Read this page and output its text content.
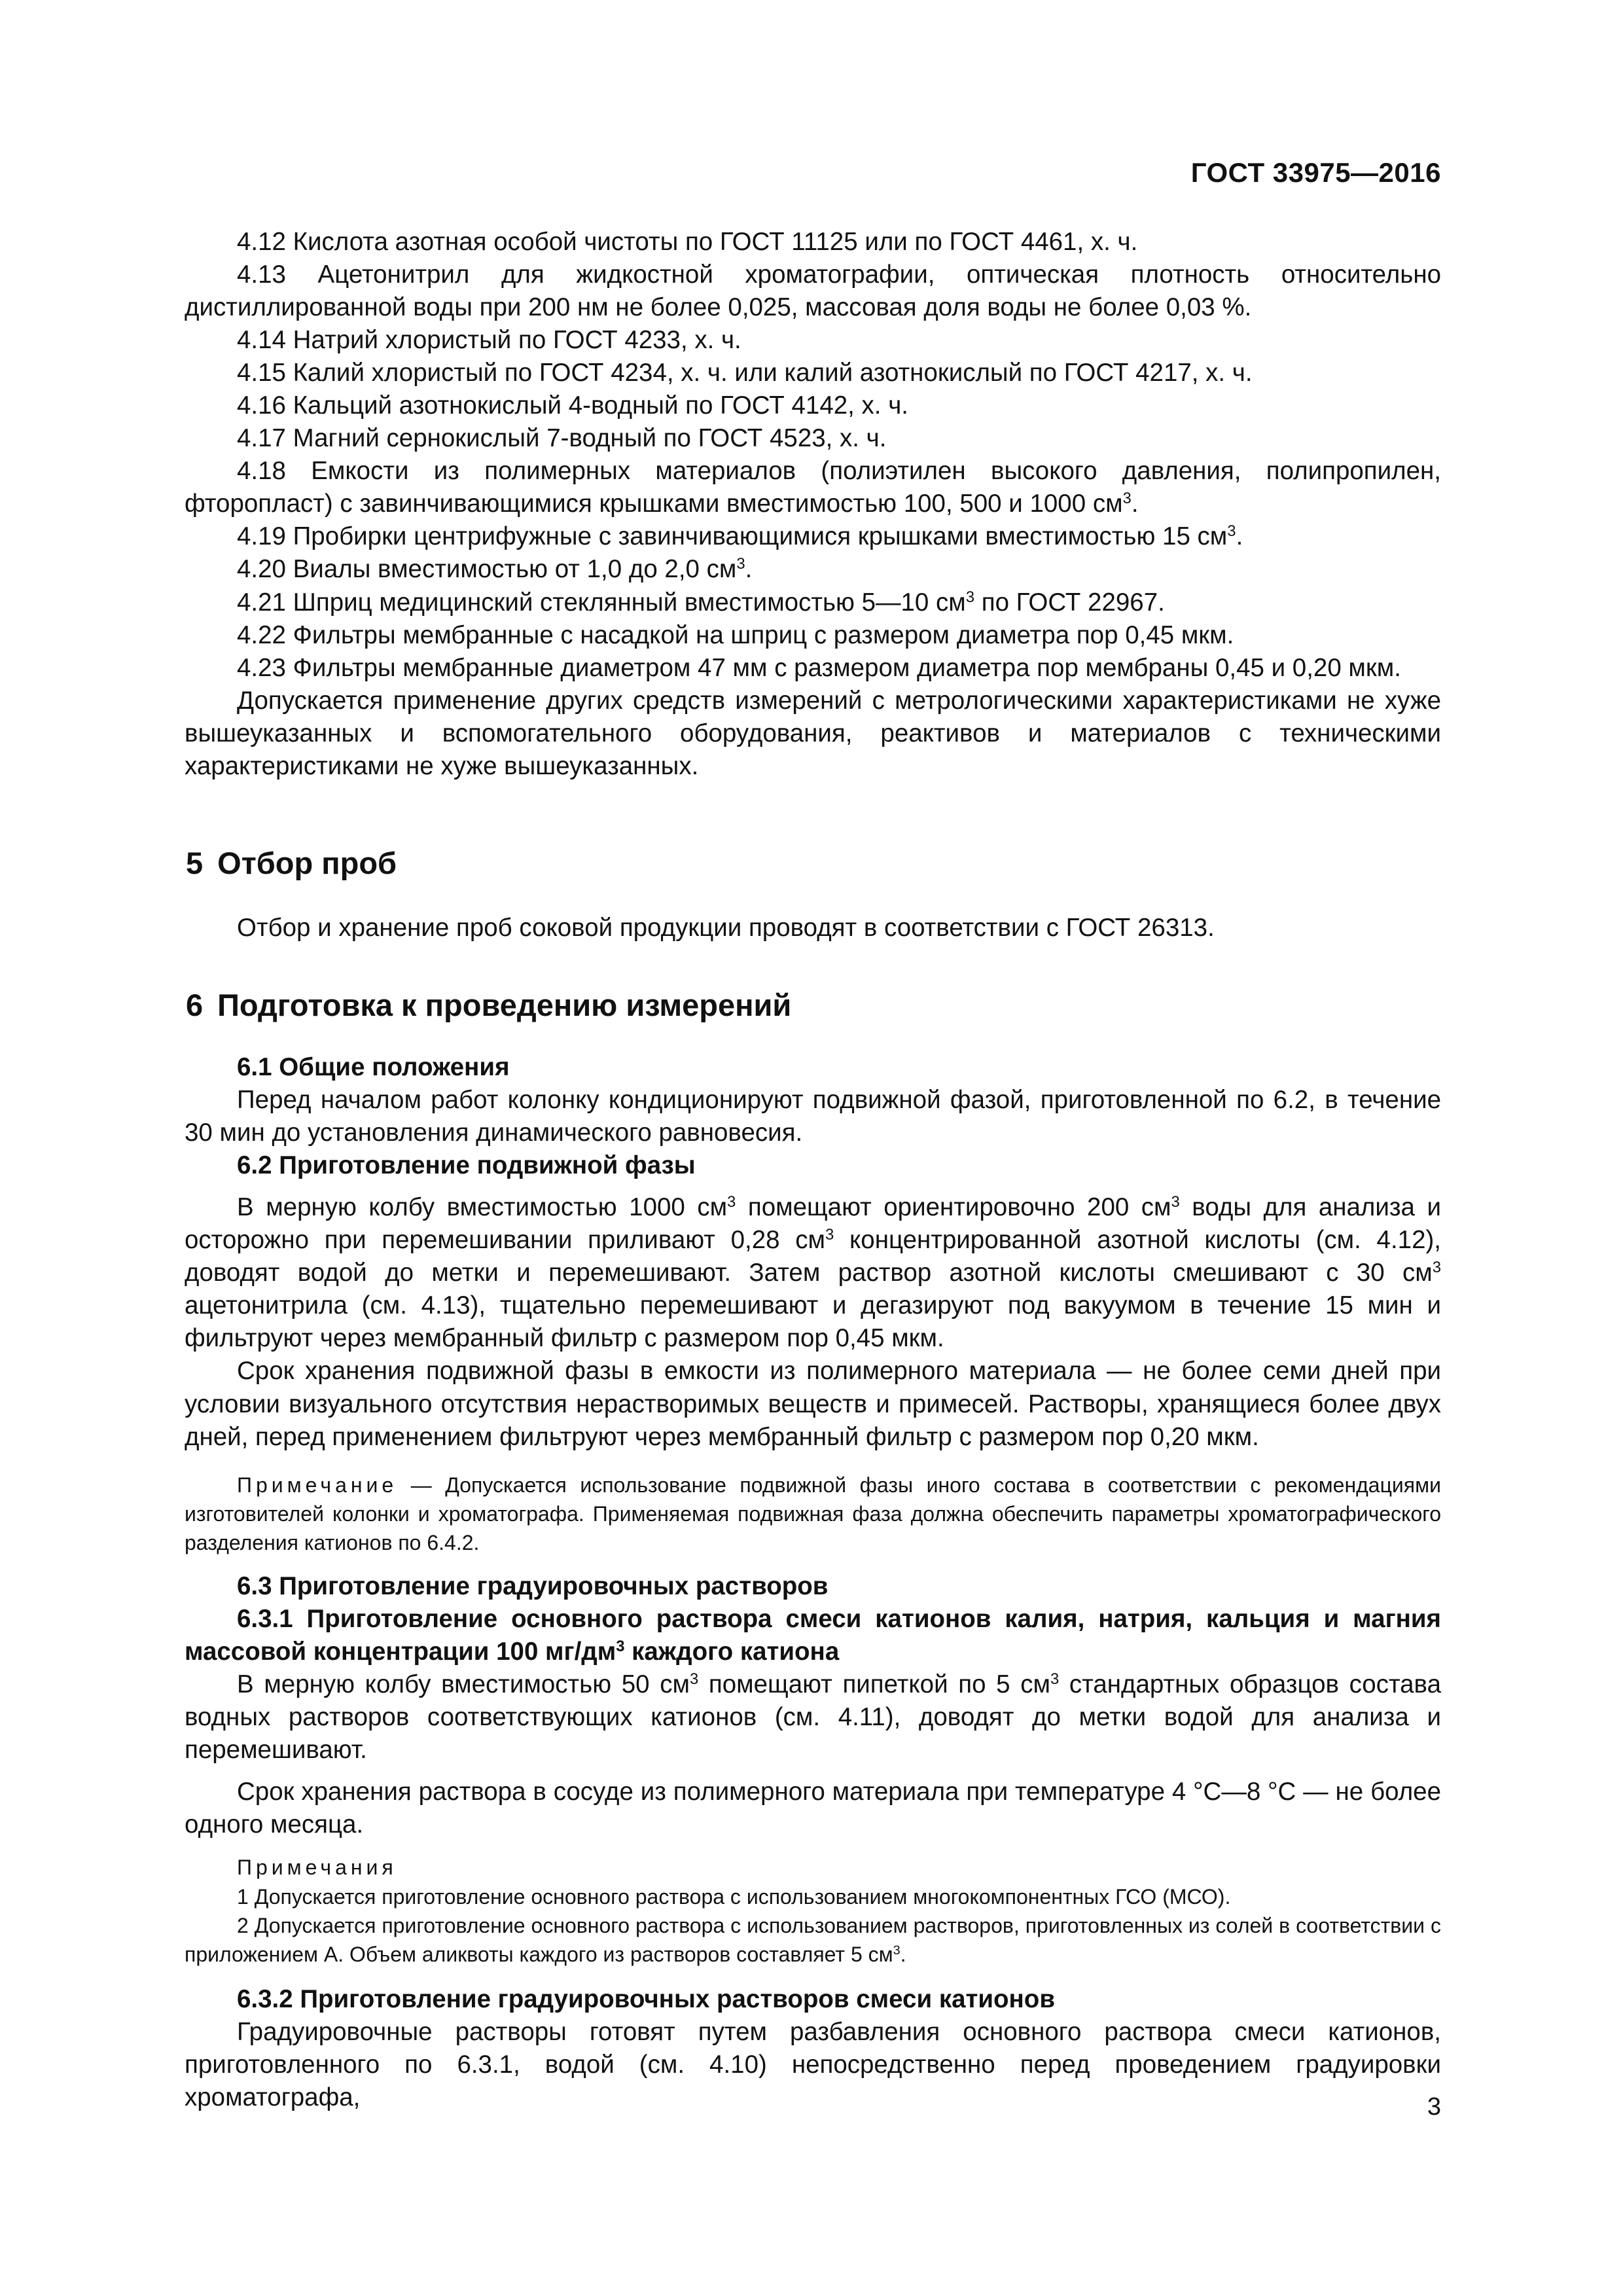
ГОСТ 33975—2016

4.12 Кислота азотная особой чистоты по ГОСТ 11125 или по ГОСТ 4461, х. ч.

4.13 Ацетонитрил для жидкостной хроматографии, оптическая плотность относительно дистиллированной воды при 200 нм не более 0,025, массовая доля воды не более 0,03 %.

4.14 Натрий хлористый по ГОСТ 4233, х. ч.

4.15 Калий хлористый по ГОСТ 4234, х. ч. или калий азотнокислый по ГОСТ 4217, х. ч.

4.16 Кальций азотнокислый 4-водный по ГОСТ 4142, х. ч.

4.17 Магний сернокислый 7-водный по ГОСТ 4523, х. ч.

4.18 Емкости из полимерных материалов (полиэтилен высокого давления, полипропилен, фторопласт) с завинчивающимися крышками вместимостью 100, 500 и 1000 $см^3$.

4.19 Пробирки центрифужные с завинчивающимися крышками вместимостью 15 $см^3$.

4.20 Виалы вместимостью от 1,0 до 2,0 $см^3$.

4.21 Шприц медицинский стеклянный вместимостью 5—10 $см^3$ по ГОСТ 22967.

4.22 Фильтры мембранные с насадкой на шприц с размером диаметра пор 0,45 мкм.

4.23 Фильтры мембранные диаметром 47 мм с размером диаметра пор мембраны 0,45 и 0,20 мкм.

Допускается применение других средств измерений с метрологическими характеристиками не хуже вышеуказанных и вспомогательного оборудования, реактивов и материалов с техническими характеристиками не хуже вышеуказанных.

5 Отбор проб

Отбор и хранение проб соковой продукции проводят в соответствии с ГОСТ 26313.

6 Подготовка к проведению измерений

6.1 Общие положения

Перед началом работ колонку кондиционируют подвижной фазой, приготовленной по 6.2, в течение 30 мин до установления динамического равновесия.

6.2 Приготовление подвижной фазы

В мерную колбу вместимостью 1000 $см^3$ помещают ориентировочно 200 $см^3$ воды для анализа и осторожно при перемешивании приливают 0,28 $см^3$ концентрированной азотной кислоты (см. 4.12), доводят водой до метки и перемешивают. Затем раствор азотной кислоты смешивают с 30 $см^3$ ацетонитрила (см. 4.13), тщательно перемешивают и дегазируют под вакуумом в течение 15 мин и фильтруют через мембранный фильтр с размером пор 0,45 мкм.

Срок хранения подвижной фазы в емкости из полимерного материала — не более семи дней при условии визуального отсутствия нерастворимых веществ и примесей. Растворы, хранящиеся более двух дней, перед применением фильтруют через мембранный фильтр с размером пор 0,20 мкм.

Примечание — Допускается использование подвижной фазы иного состава в соответствии с рекомендациями изготовителей колонки и хроматографа. Применяемая подвижная фаза должна обеспечить параметры хроматографического разделения катионов по 6.4.2.

6.3 Приготовление градуировочных растворов

6.3.1 Приготовление основного раствора смеси катионов калия, натрия, кальция и магния массовой концентрации 100 $мг/дм^3$ каждого катиона

В мерную колбу вместимостью 50 $см^3$ помещают пипеткой по 5 $см^3$ стандартных образцов состава водных растворов соответствующих катионов (см. 4.11), доводят до метки водой для анализа и перемешивают.

Срок хранения раствора в сосуде из полимерного материала при температуре 4 °С—8 °С — не более одного месяца.

Примечания

1 Допускается приготовление основного раствора с использованием многокомпонентных ГСО (МСО).

2 Допускается приготовление основного раствора с использованием растворов, приготовленных из солей в соответствии с приложением А. Объем аликвоты каждого из растворов составляет 5 $см^3$.

6.3.2 Приготовление градуировочных растворов смеси катионов

Градуировочные растворы готовят путем разбавления основного раствора смеси катионов, приготовленного по 6.3.1, водой (см. 4.10) непосредственно перед проведением градуировки хроматографа,	3
